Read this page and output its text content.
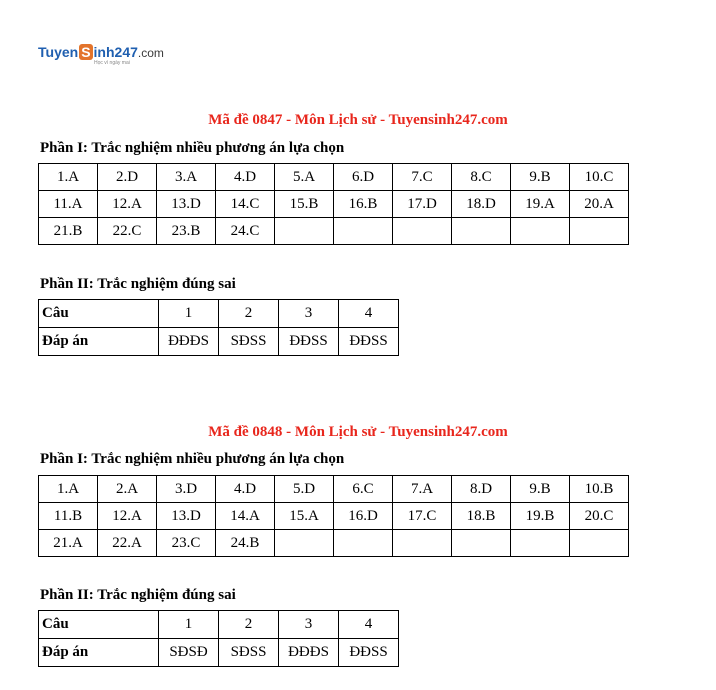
Tuyen S inh247 .com
Học vì ngày mai
Mã đề 0847 - Môn Lịch sử - Tuyensinh247.com
Phần I: Trắc nghiệm nhiều phương án lựa chọn
1.A	2.D	3.A	4.D	5.A	6.D	7.C	8.C	9.B	10.C
11.A	12.A	13.D	14.C	15.B	16.B	17.D	18.D	19.A	20.A
21.B	22.C	23.B	24.C						
Phần II: Trắc nghiệm đúng sai
Câu	1	2	3	4
Đáp án	ĐĐĐS	SĐSS	ĐĐSS	ĐĐSS
Mã đề 0848 - Môn Lịch sử - Tuyensinh247.com
Phần I: Trắc nghiệm nhiều phương án lựa chọn
1.A	2.A	3.D	4.D	5.D	6.C	7.A	8.D	9.B	10.B
11.B	12.A	13.D	14.A	15.A	16.D	17.C	18.B	19.B	20.C
21.A	22.A	23.C	24.B						
Phần II: Trắc nghiệm đúng sai
Câu	1	2	3	4
Đáp án	SĐSĐ	SĐSS	ĐĐĐS	ĐĐSS
